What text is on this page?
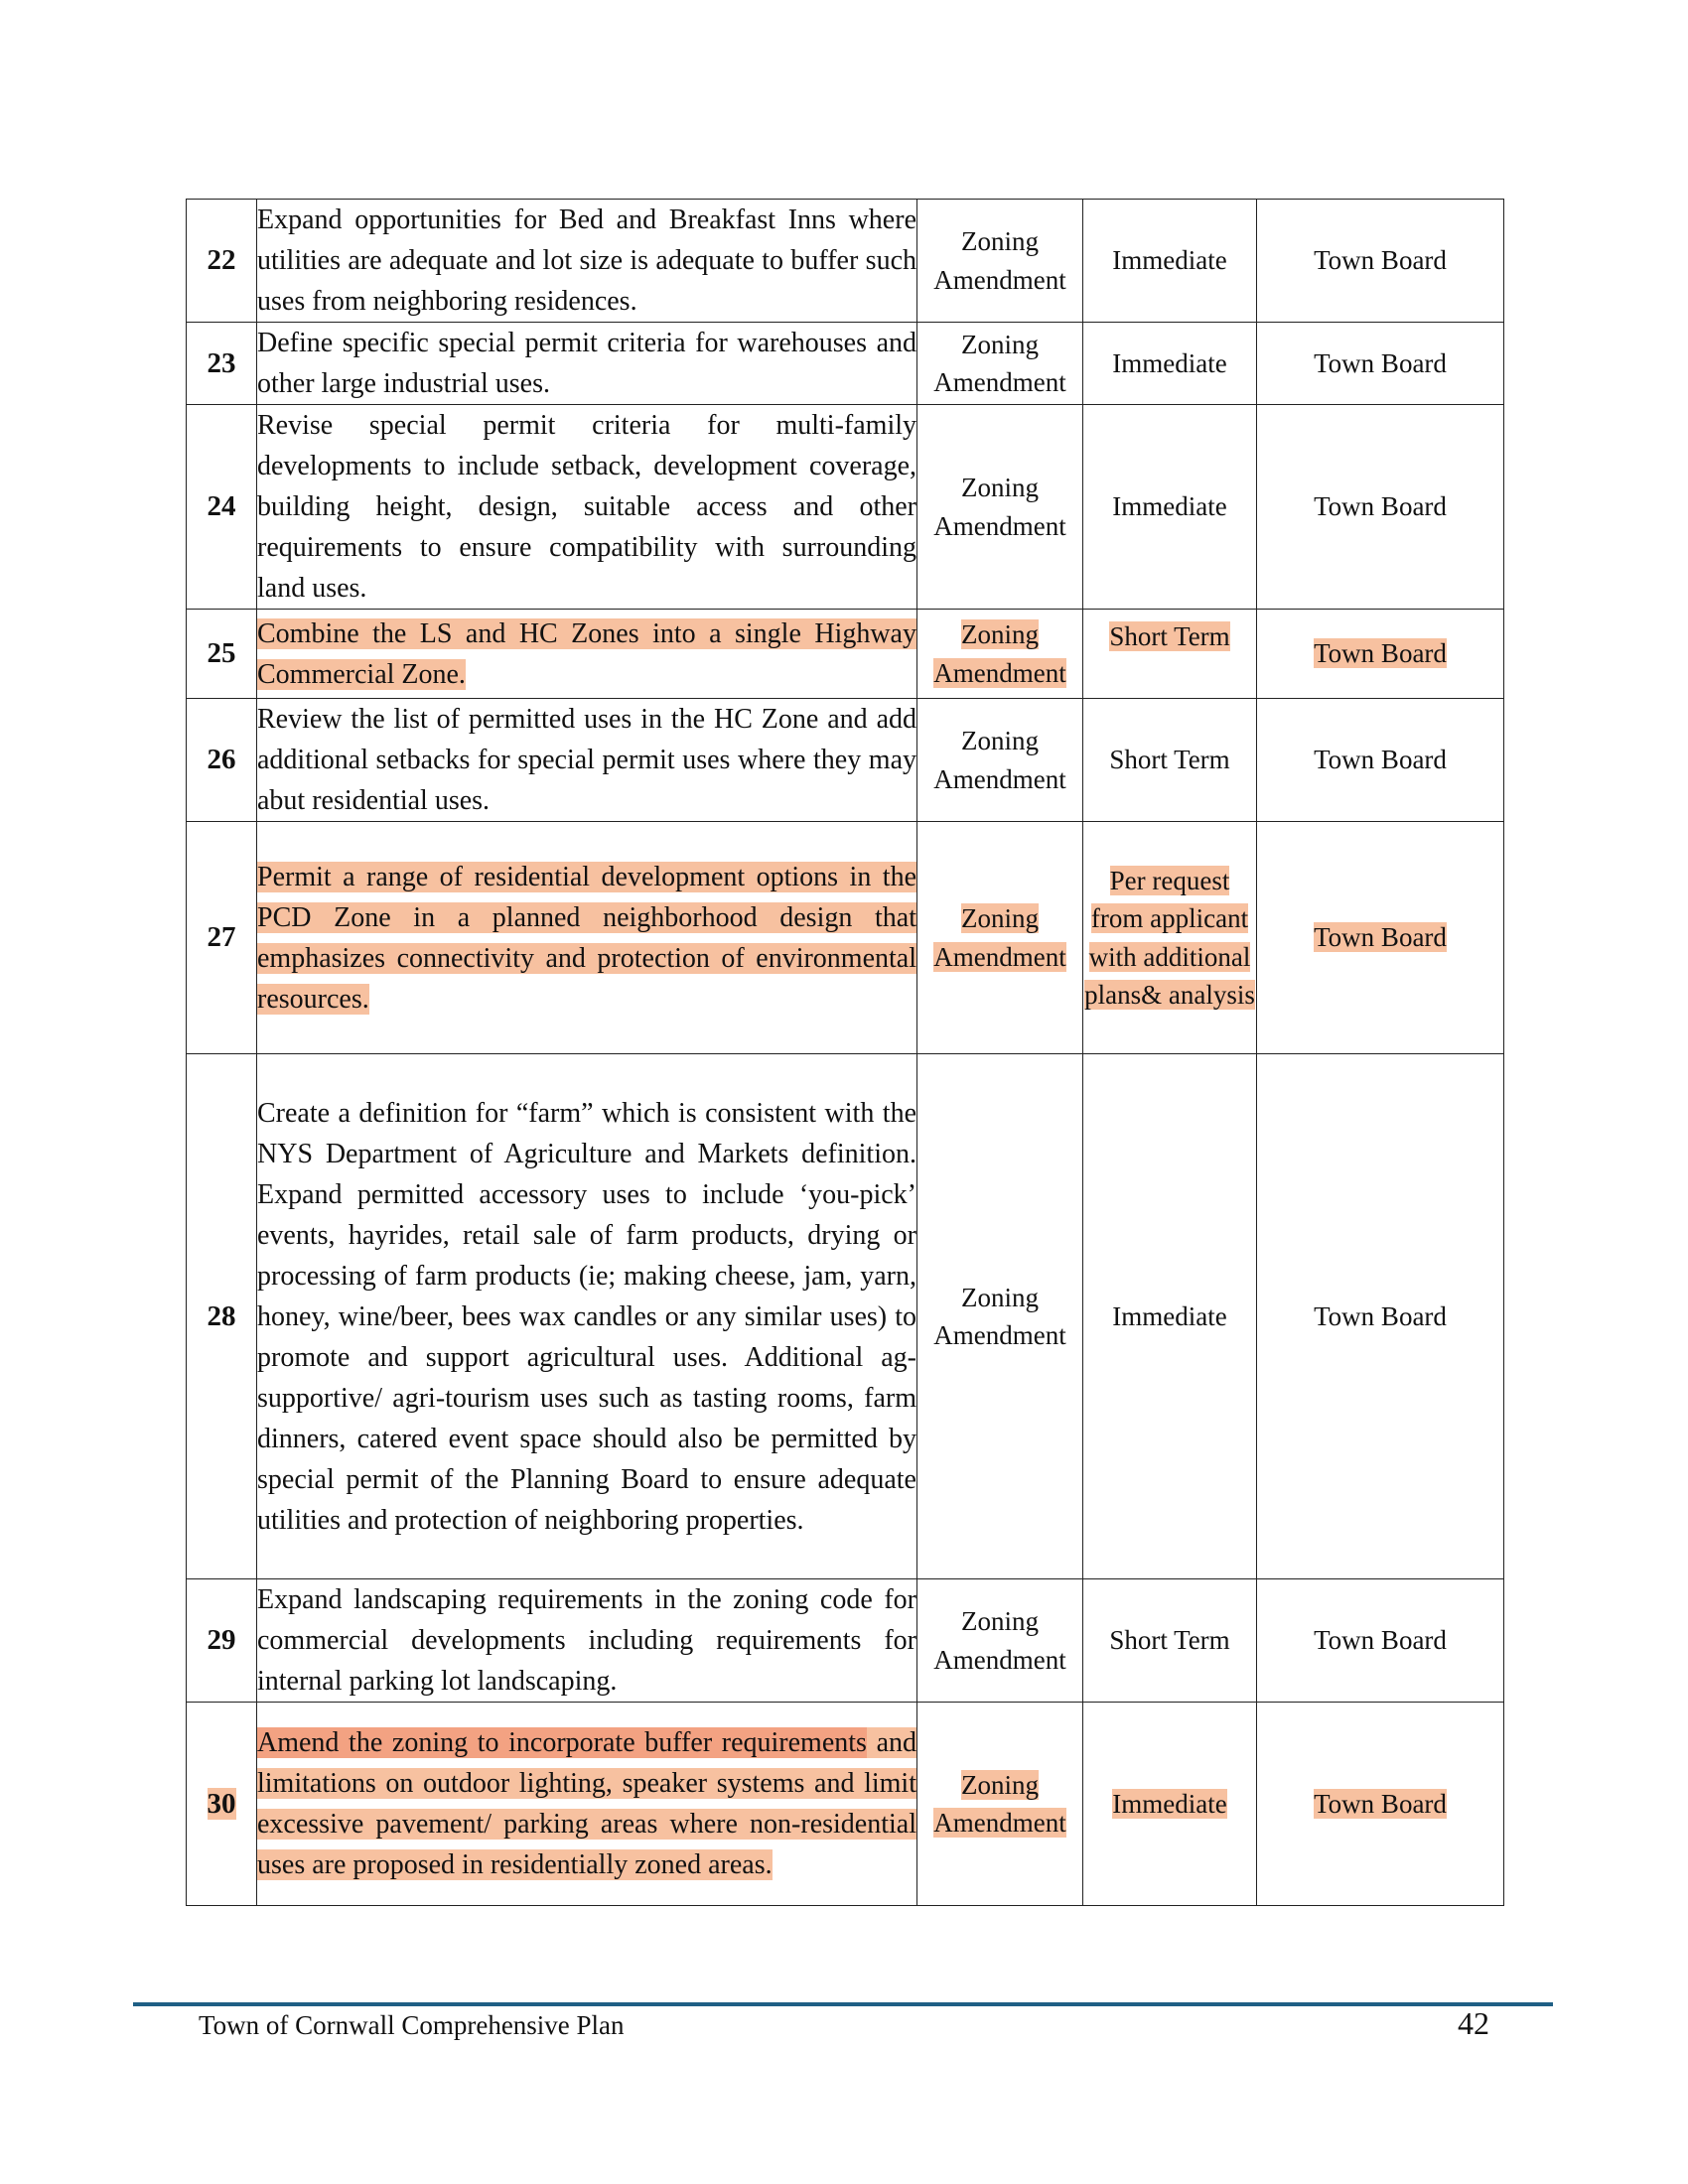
22	Expand opportunities for Bed and Breakfast Inns where utilities are adequate and lot size is adequate to buffer such uses from neighboring residences.	Zoning Amendment	Immediate	Town Board
23	Define specific special permit criteria for warehouses and other large industrial uses.	Zoning Amendment	Immediate	Town Board
24	Revise special permit criteria for multi-family developments to include setback, development coverage, building height, design, suitable access and other requirements to ensure compatibility with surrounding land uses.	Zoning Amendment	Immediate	Town Board
25	Combine the LS and HC Zones into a single Highway Commercial Zone.	Zoning Amendment	Short Term	Town Board
26	Review the list of permitted uses in the HC Zone and add additional setbacks for special permit uses where they may abut residential uses.	Zoning Amendment	Short Term	Town Board
27	Permit a range of residential development options in the PCD Zone in a planned neighborhood design that emphasizes connectivity and protection of environmental resources.	Zoning Amendment	Per request from applicant with additional plans& analysis	Town Board
28	Create a definition for “farm” which is consistent with the NYS Department of Agriculture and Markets definition. Expand permitted accessory uses to include ‘you-pick’ events, hayrides, retail sale of farm products, drying or processing of farm products (ie; making cheese, jam, yarn, honey, wine/beer, bees wax candles or any similar uses) to promote and support agricultural uses. Additional ag-supportive/ agri-tourism uses such as tasting rooms, farm dinners, catered event space should also be permitted by special permit of the Planning Board to ensure adequate utilities and protection of neighboring properties.	Zoning Amendment	Immediate	Town Board
29	Expand landscaping requirements in the zoning code for commercial developments including requirements for internal parking lot landscaping.	Zoning Amendment	Short Term	Town Board
30	Amend the zoning to incorporate buffer requirements and limitations on outdoor lighting, speaker systems and limit excessive pavement/ parking areas where non-residential uses are proposed in residentially zoned areas.	Zoning Amendment	Immediate	Town Board
Town of Cornwall Comprehensive Plan	42
